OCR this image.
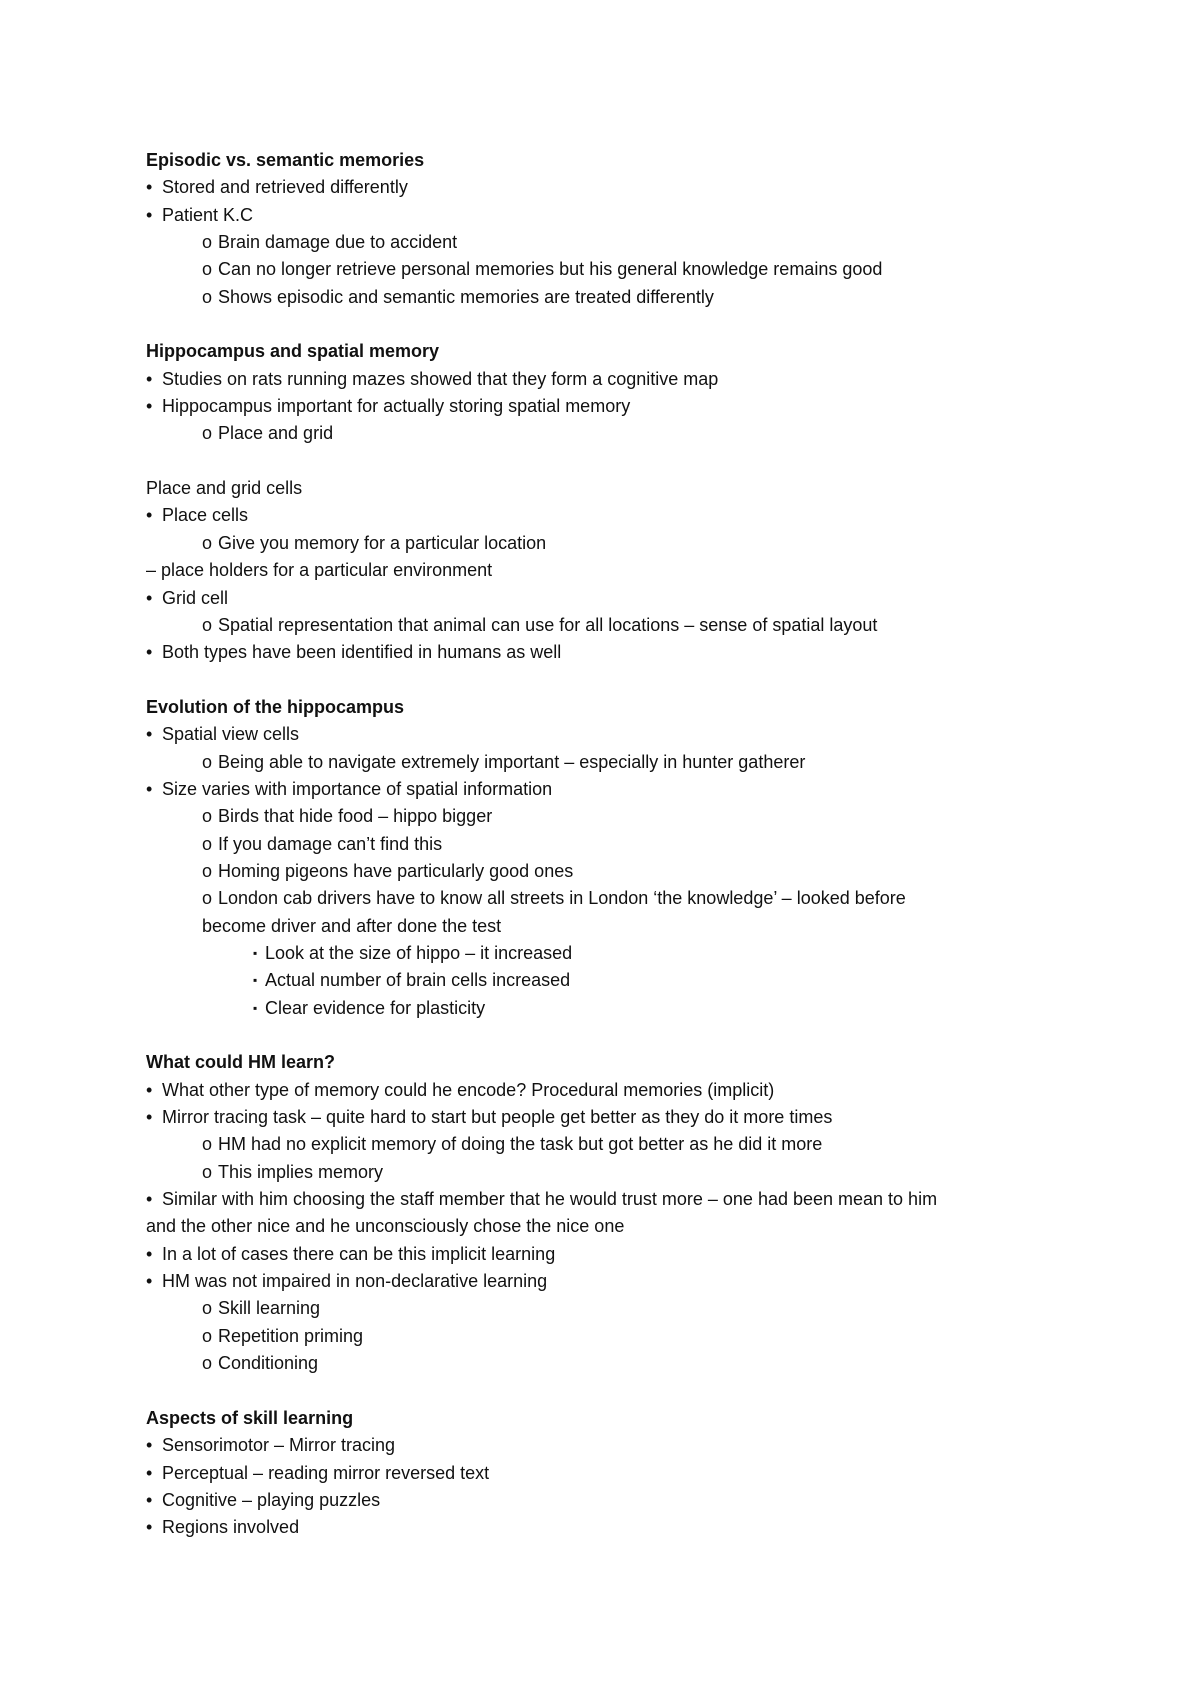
Episodic vs. semantic memories
• Stored and retrieved differently
• Patient K.C
o Brain damage due to accident
o Can no longer retrieve personal memories but his general knowledge remains good
o Shows episodic and semantic memories are treated differently
Hippocampus and spatial memory
• Studies on rats running mazes showed that they form a cognitive map
• Hippocampus important for actually storing spatial memory
o Place and grid
Place and grid cells
• Place cells
o Give you memory for a particular location
– place holders for a particular environment
• Grid cell
o Spatial representation that animal can use for all locations – sense of spatial layout
• Both types have been identified in humans as well
Evolution of the hippocampus
• Spatial view cells
o Being able to navigate extremely important – especially in hunter gatherer
• Size varies with importance of spatial information
o Birds that hide food – hippo bigger
o If you damage can’t find this
o Homing pigeons have particularly good ones
o London cab drivers have to know all streets in London ‘the knowledge’ – looked before
become driver and after done the test
▪ Look at the size of hippo – it increased
▪ Actual number of brain cells increased
▪ Clear evidence for plasticity
What could HM learn?
• What other type of memory could he encode? Procedural memories (implicit)
• Mirror tracing task – quite hard to start but people get better as they do it more times
o HM had no explicit memory of doing the task but got better as he did it more
o This implies memory
• Similar with him choosing the staff member that he would trust more – one had been mean to him
and the other nice and he unconsciously chose the nice one
• In a lot of cases there can be this implicit learning
• HM was not impaired in non-declarative learning
o Skill learning
o Repetition priming
o Conditioning
Aspects of skill learning
• Sensorimotor – Mirror tracing
• Perceptual – reading mirror reversed text
• Cognitive – playing puzzles
• Regions involved
